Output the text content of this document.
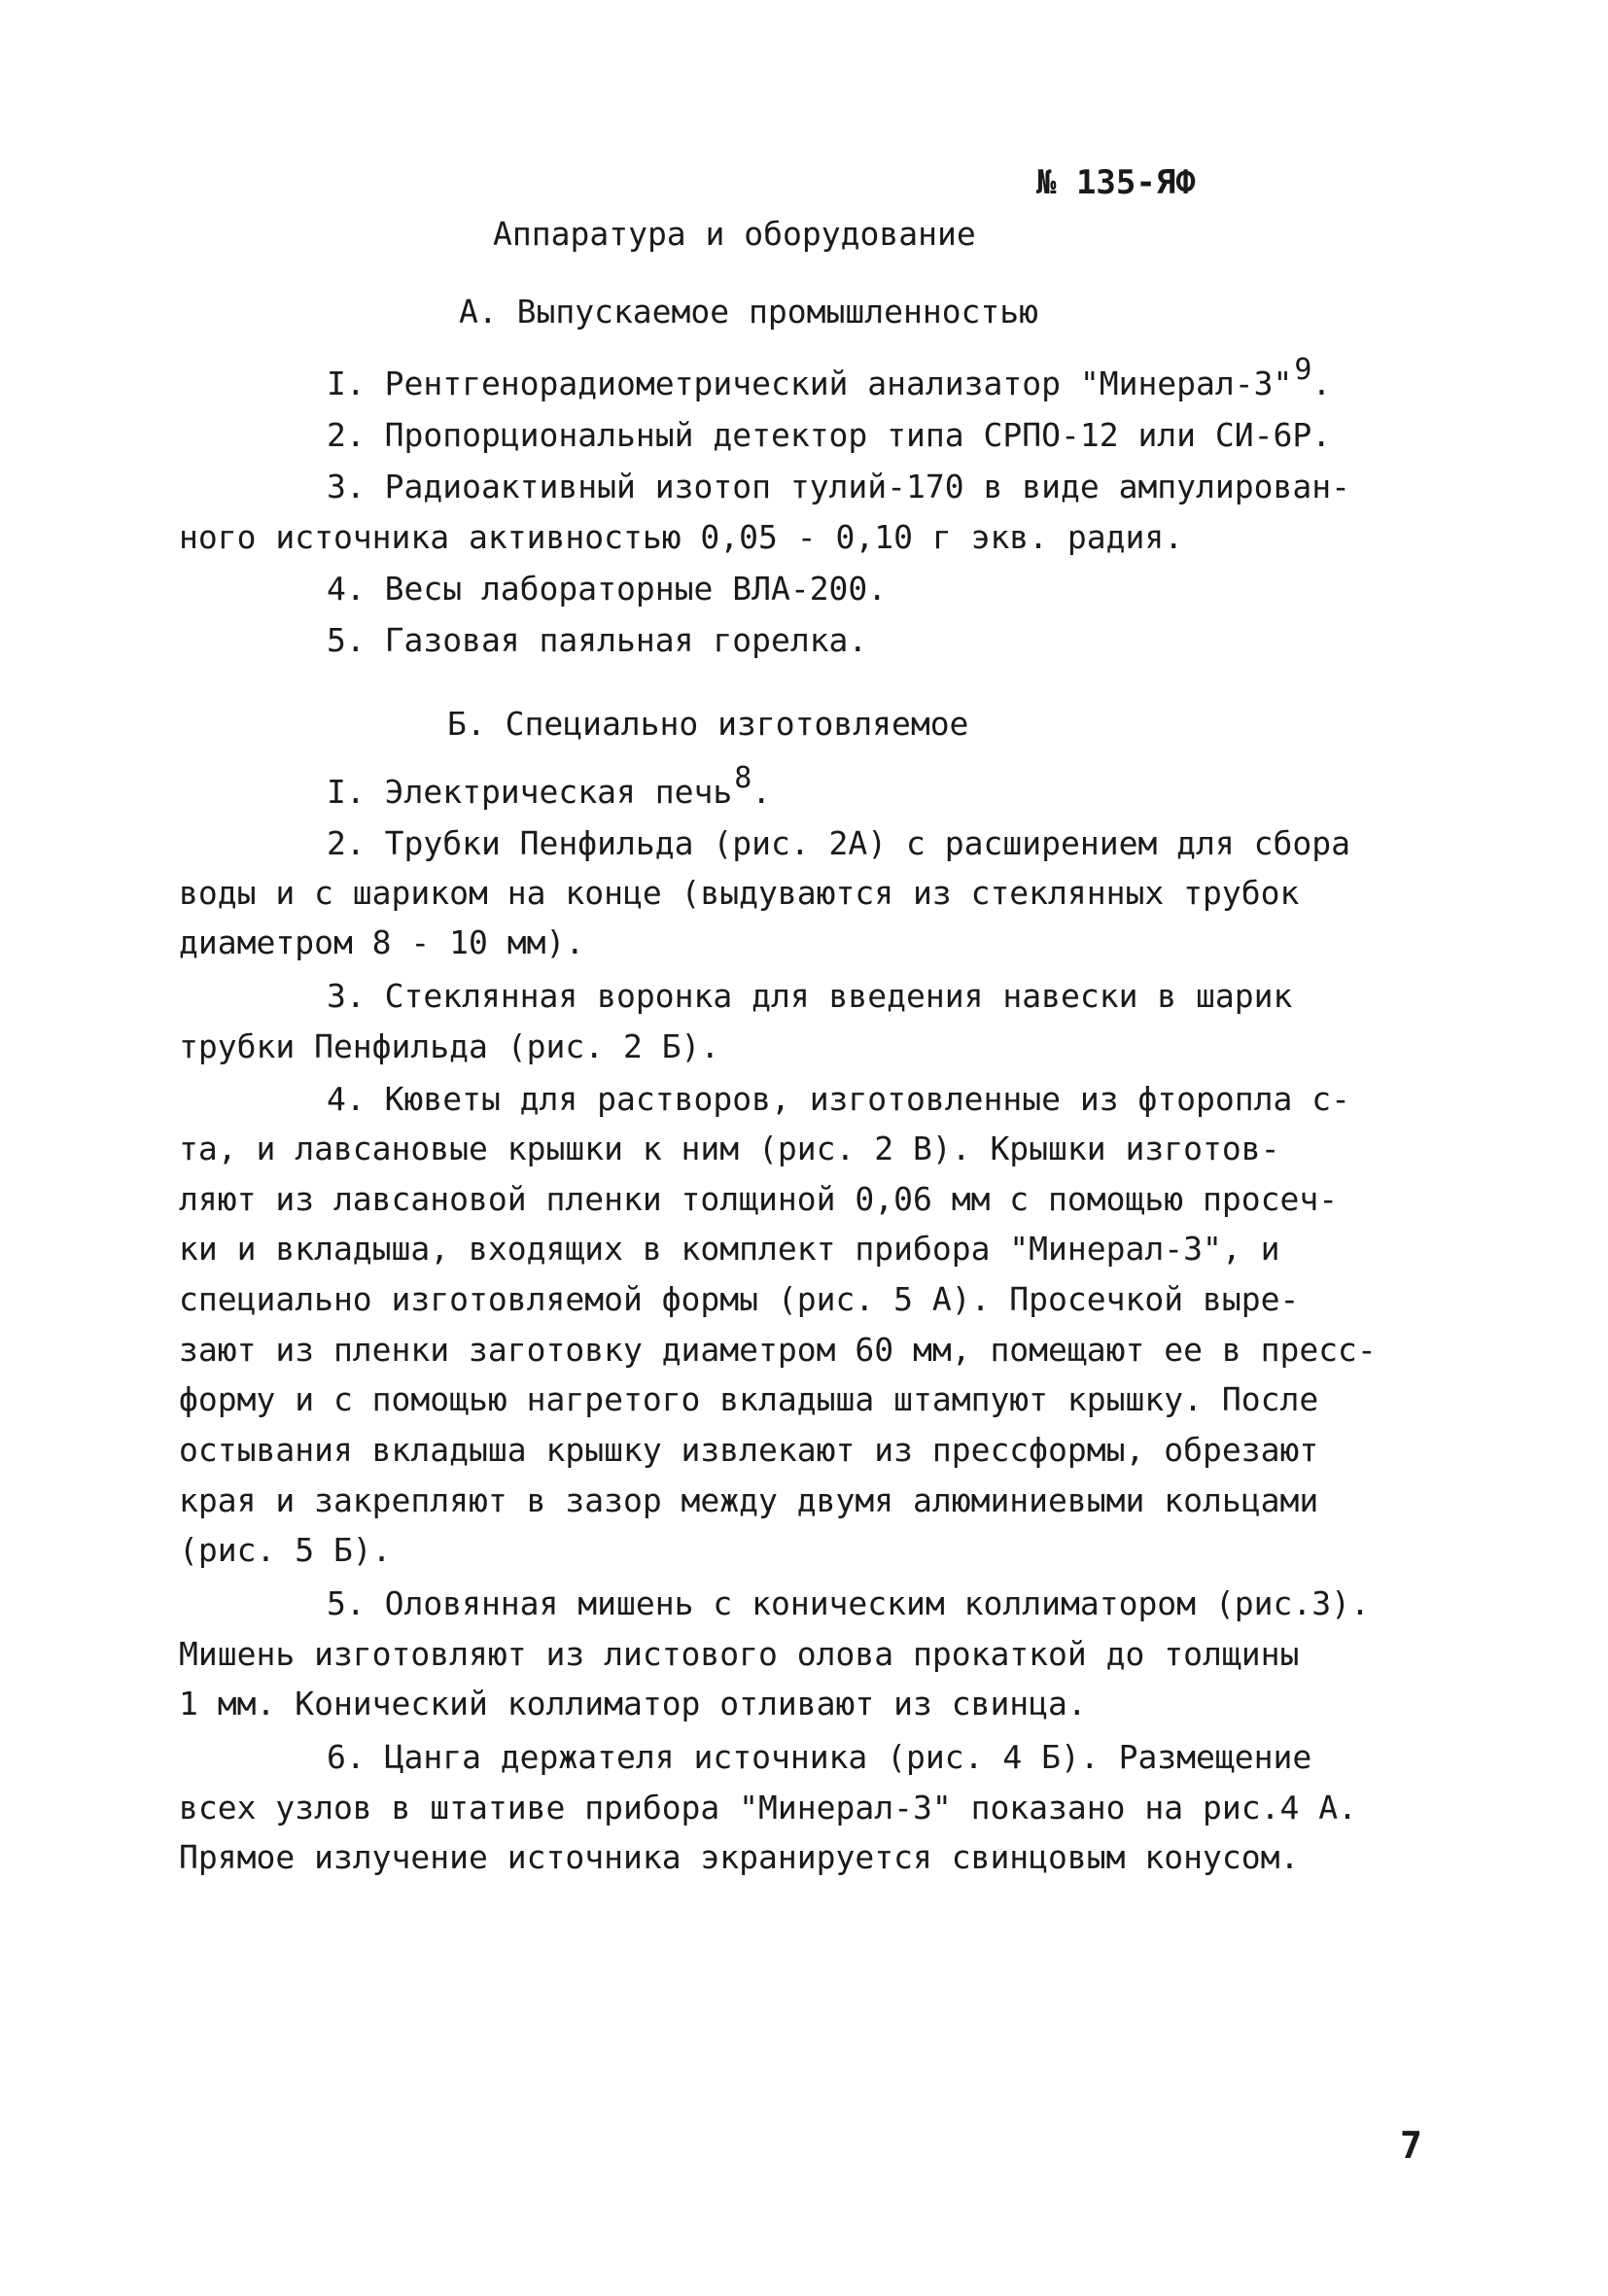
№ 135-ЯФ
Аппаратура и оборудование
А. Выпускаемое промышленностью
I. Рентгенорадиометрический анализатор "Минерал-3"9.
2. Пропорциональный детектор типа СРПО-12 или СИ-6Р.
3. Радиоактивный изотоп тулий-170 в виде ампулирован-
ного источника активностью 0,05 - 0,10 г экв. радия.
4. Весы лабораторные ВЛА-200.
5. Газовая паяльная горелка.
Б. Специально изготовляемое
I. Электрическая печь8.
2. Трубки Пенфильда (рис. 2А) с расширением для сбора
воды и с шариком на конце (выдуваются из стеклянных трубок
диаметром 8 - 10 мм).
3. Стеклянная воронка для введения навески в шарик
трубки Пенфильда (рис. 2 Б).
4. Кюветы для растворов, изготовленные из фторопла с-
та, и лавсановые крышки к ним (рис. 2 В). Крышки изготов-
ляют из лавсановой пленки толщиной 0,06 мм с помощью просеч-
ки и вкладыша, входящих в комплект прибора "Минерал-3", и
специально изготовляемой формы (рис. 5 А). Просечкой выре-
зают из пленки заготовку диаметром 60 мм, помещают ее в пресс-
форму и с помощью нагретого вкладыша штампуют крышку. После
остывания вкладыша крышку извлекают из прессформы, обрезают
края и закрепляют в зазор между двумя алюминиевыми кольцами
(рис. 5 Б).
5. Оловянная мишень с коническим коллиматором (рис.3).
Мишень изготовляют из листового олова прокаткой до толщины
1 мм. Конический коллиматор отливают из свинца.
6. Цанга держателя источника (рис. 4 Б). Размещение
всех узлов в штативе прибора "Минерал-3" показано на рис.4 А.
Прямое излучение источника экранируется свинцовым конусом.
7
